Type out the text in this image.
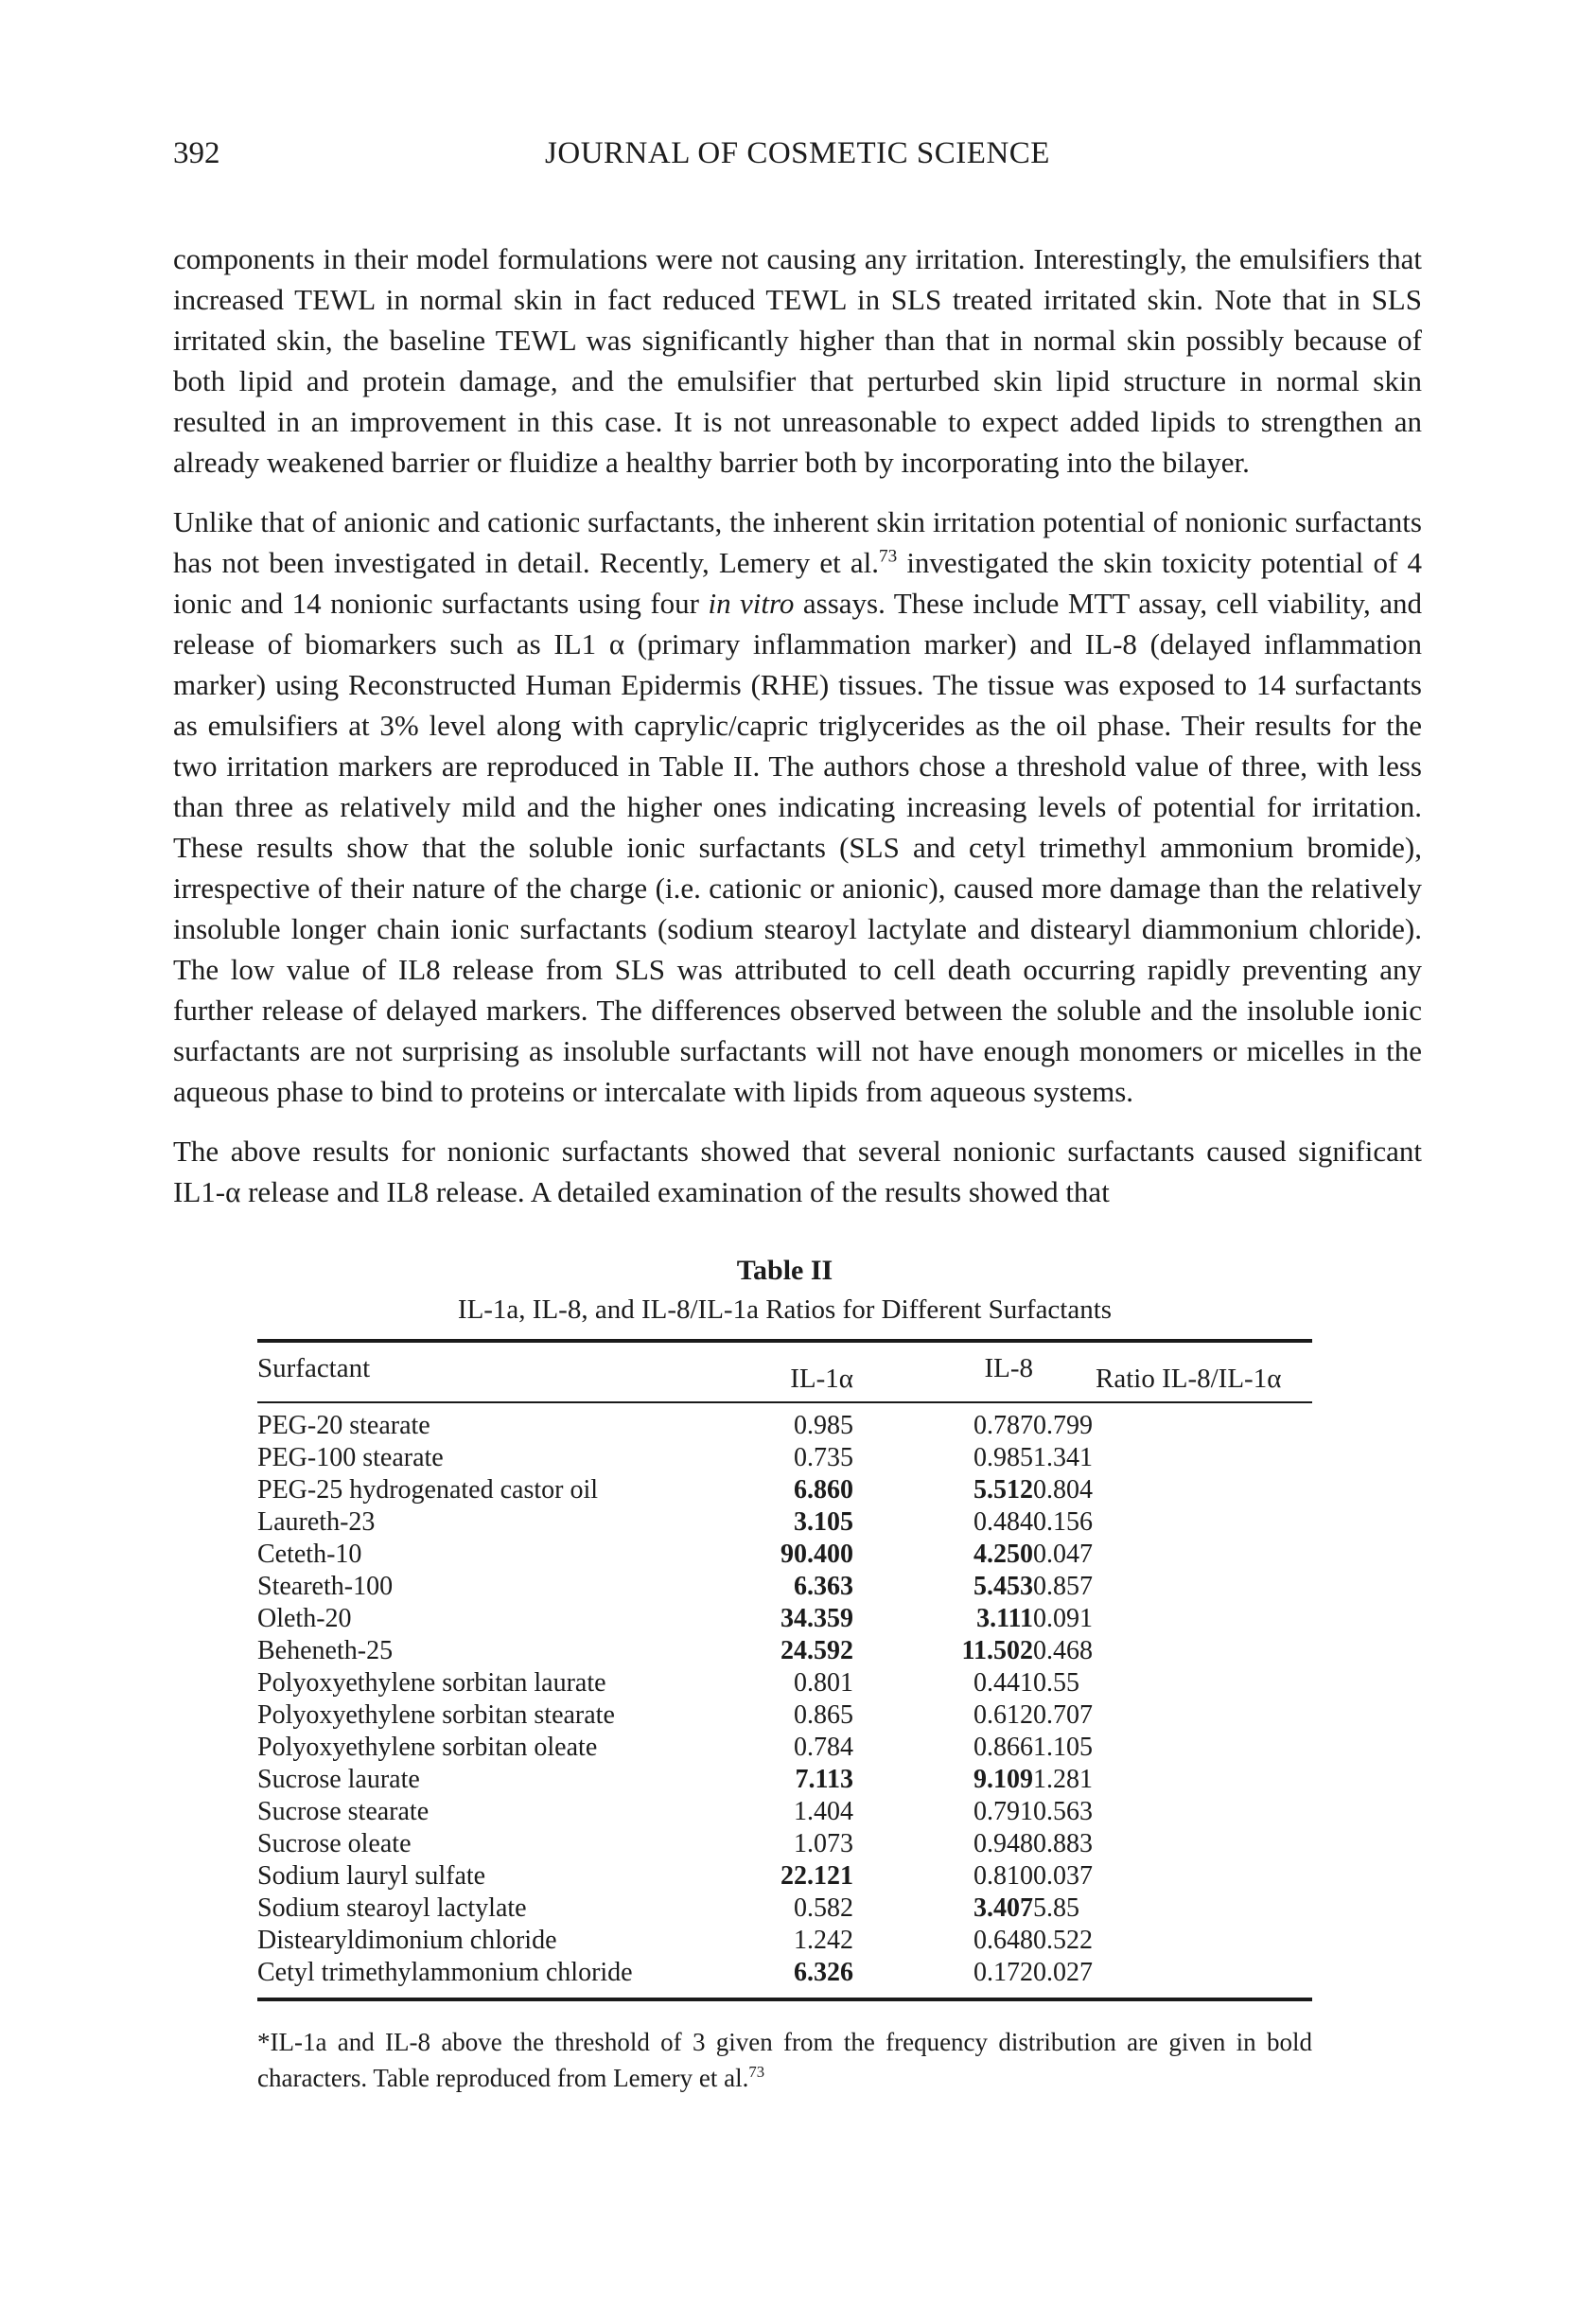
392	JOURNAL OF COSMETIC SCIENCE

components in their model formulations were not causing any irritation. Interestingly, the emulsifiers that increased TEWL in normal skin in fact reduced TEWL in SLS treated irritated skin. Note that in SLS irritated skin, the baseline TEWL was significantly higher than that in normal skin possibly because of both lipid and protein damage, and the emulsifier that perturbed skin lipid structure in normal skin resulted in an improvement in this case. It is not unreasonable to expect added lipids to strengthen an already weakened barrier or fluidize a healthy barrier both by incorporating into the bilayer.

Unlike that of anionic and cationic surfactants, the inherent skin irritation potential of nonionic surfactants has not been investigated in detail. Recently, Lemery et al.$^{73}$ investigated the skin toxicity potential of 4 ionic and 14 nonionic surfactants using four in vitro assays. These include MTT assay, cell viability, and release of biomarkers such as IL1 α (primary inflammation marker) and IL-8 (delayed inflammation marker) using Reconstructed Human Epidermis (RHE) tissues. The tissue was exposed to 14 surfactants as emulsifiers at 3% level along with caprylic/capric triglycerides as the oil phase. Their results for the two irritation markers are reproduced in Table II. The authors chose a threshold value of three, with less than three as relatively mild and the higher ones indicating increasing levels of potential for irritation. These results show that the soluble ionic surfactants (SLS and cetyl trimethyl ammonium bromide), irrespective of their nature of the charge (i.e. cationic or anionic), caused more damage than the relatively insoluble longer chain ionic surfactants (sodium stearoyl lactylate and distearyl diammonium chloride). The low value of IL8 release from SLS was attributed to cell death occurring rapidly preventing any further release of delayed markers. The differences observed between the soluble and the insoluble ionic surfactants are not surprising as insoluble surfactants will not have enough monomers or micelles in the aqueous phase to bind to proteins or intercalate with lipids from aqueous systems.

The above results for nonionic surfactants showed that several nonionic surfactants caused significant IL1-α release and IL8 release. A detailed examination of the results showed that

Table II

IL-1a, IL-8, and IL-8/IL-1a Ratios for Different Surfactants

Surfactant	IL-1α	IL-8	Ratio IL-8/IL-1α
PEG-20 stearate	0.985	0.787	0.799
PEG-100 stearate	0.735	0.985	1.341
PEG-25 hydrogenated castor oil	6.860	5.512	0.804
Laureth-23	3.105	0.484	0.156
Ceteth-10	90.400	4.250	0.047
Steareth-100	6.363	5.453	0.857
Oleth-20	34.359	3.111	0.091
Beheneth-25	24.592	11.502	0.468
Polyoxyethylene sorbitan laurate	0.801	0.441	0.55
Polyoxyethylene sorbitan stearate	0.865	0.612	0.707
Polyoxyethylene sorbitan oleate	0.784	0.866	1.105
Sucrose laurate	7.113	9.109	1.281
Sucrose stearate	1.404	0.791	0.563
Sucrose oleate	1.073	0.948	0.883
Sodium lauryl sulfate	22.121	0.810	0.037
Sodium stearoyl lactylate	0.582	3.407	5.85
Distearyldimonium chloride	1.242	0.648	0.522
Cetyl trimethylammonium chloride	6.326	0.172	0.027

*IL-1a and IL-8 above the threshold of 3 given from the frequency distribution are given in bold characters. Table reproduced from Lemery et al.$^{73}$
